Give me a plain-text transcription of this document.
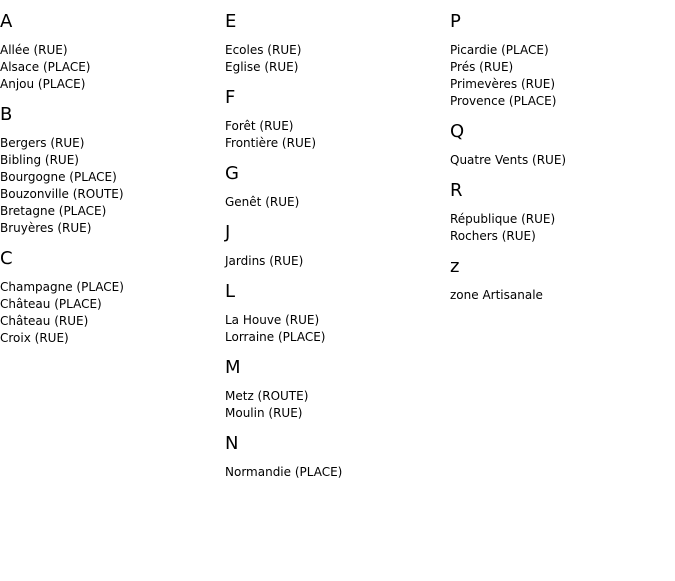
A
Allée (RUE)
Alsace (PLACE)
Anjou (PLACE)
B
Bergers (RUE)
Bibling (RUE)
Bourgogne (PLACE)
Bouzonville (ROUTE)
Bretagne (PLACE)
Bruyères (RUE)
C
Champagne (PLACE)
Château (PLACE)
Château (RUE)
Croix (RUE)
E
Ecoles (RUE)
Eglise (RUE)
F
Forêt (RUE)
Frontière (RUE)
G
Genêt (RUE)
J
Jardins (RUE)
L
La Houve (RUE)
Lorraine (PLACE)
M
Metz (ROUTE)
Moulin (RUE)
N
Normandie (PLACE)
P
Picardie (PLACE)
Prés (RUE)
Primevères (RUE)
Provence (PLACE)
Q
Quatre Vents (RUE)
R
République (RUE)
Rochers (RUE)
z
zone Artisanale
